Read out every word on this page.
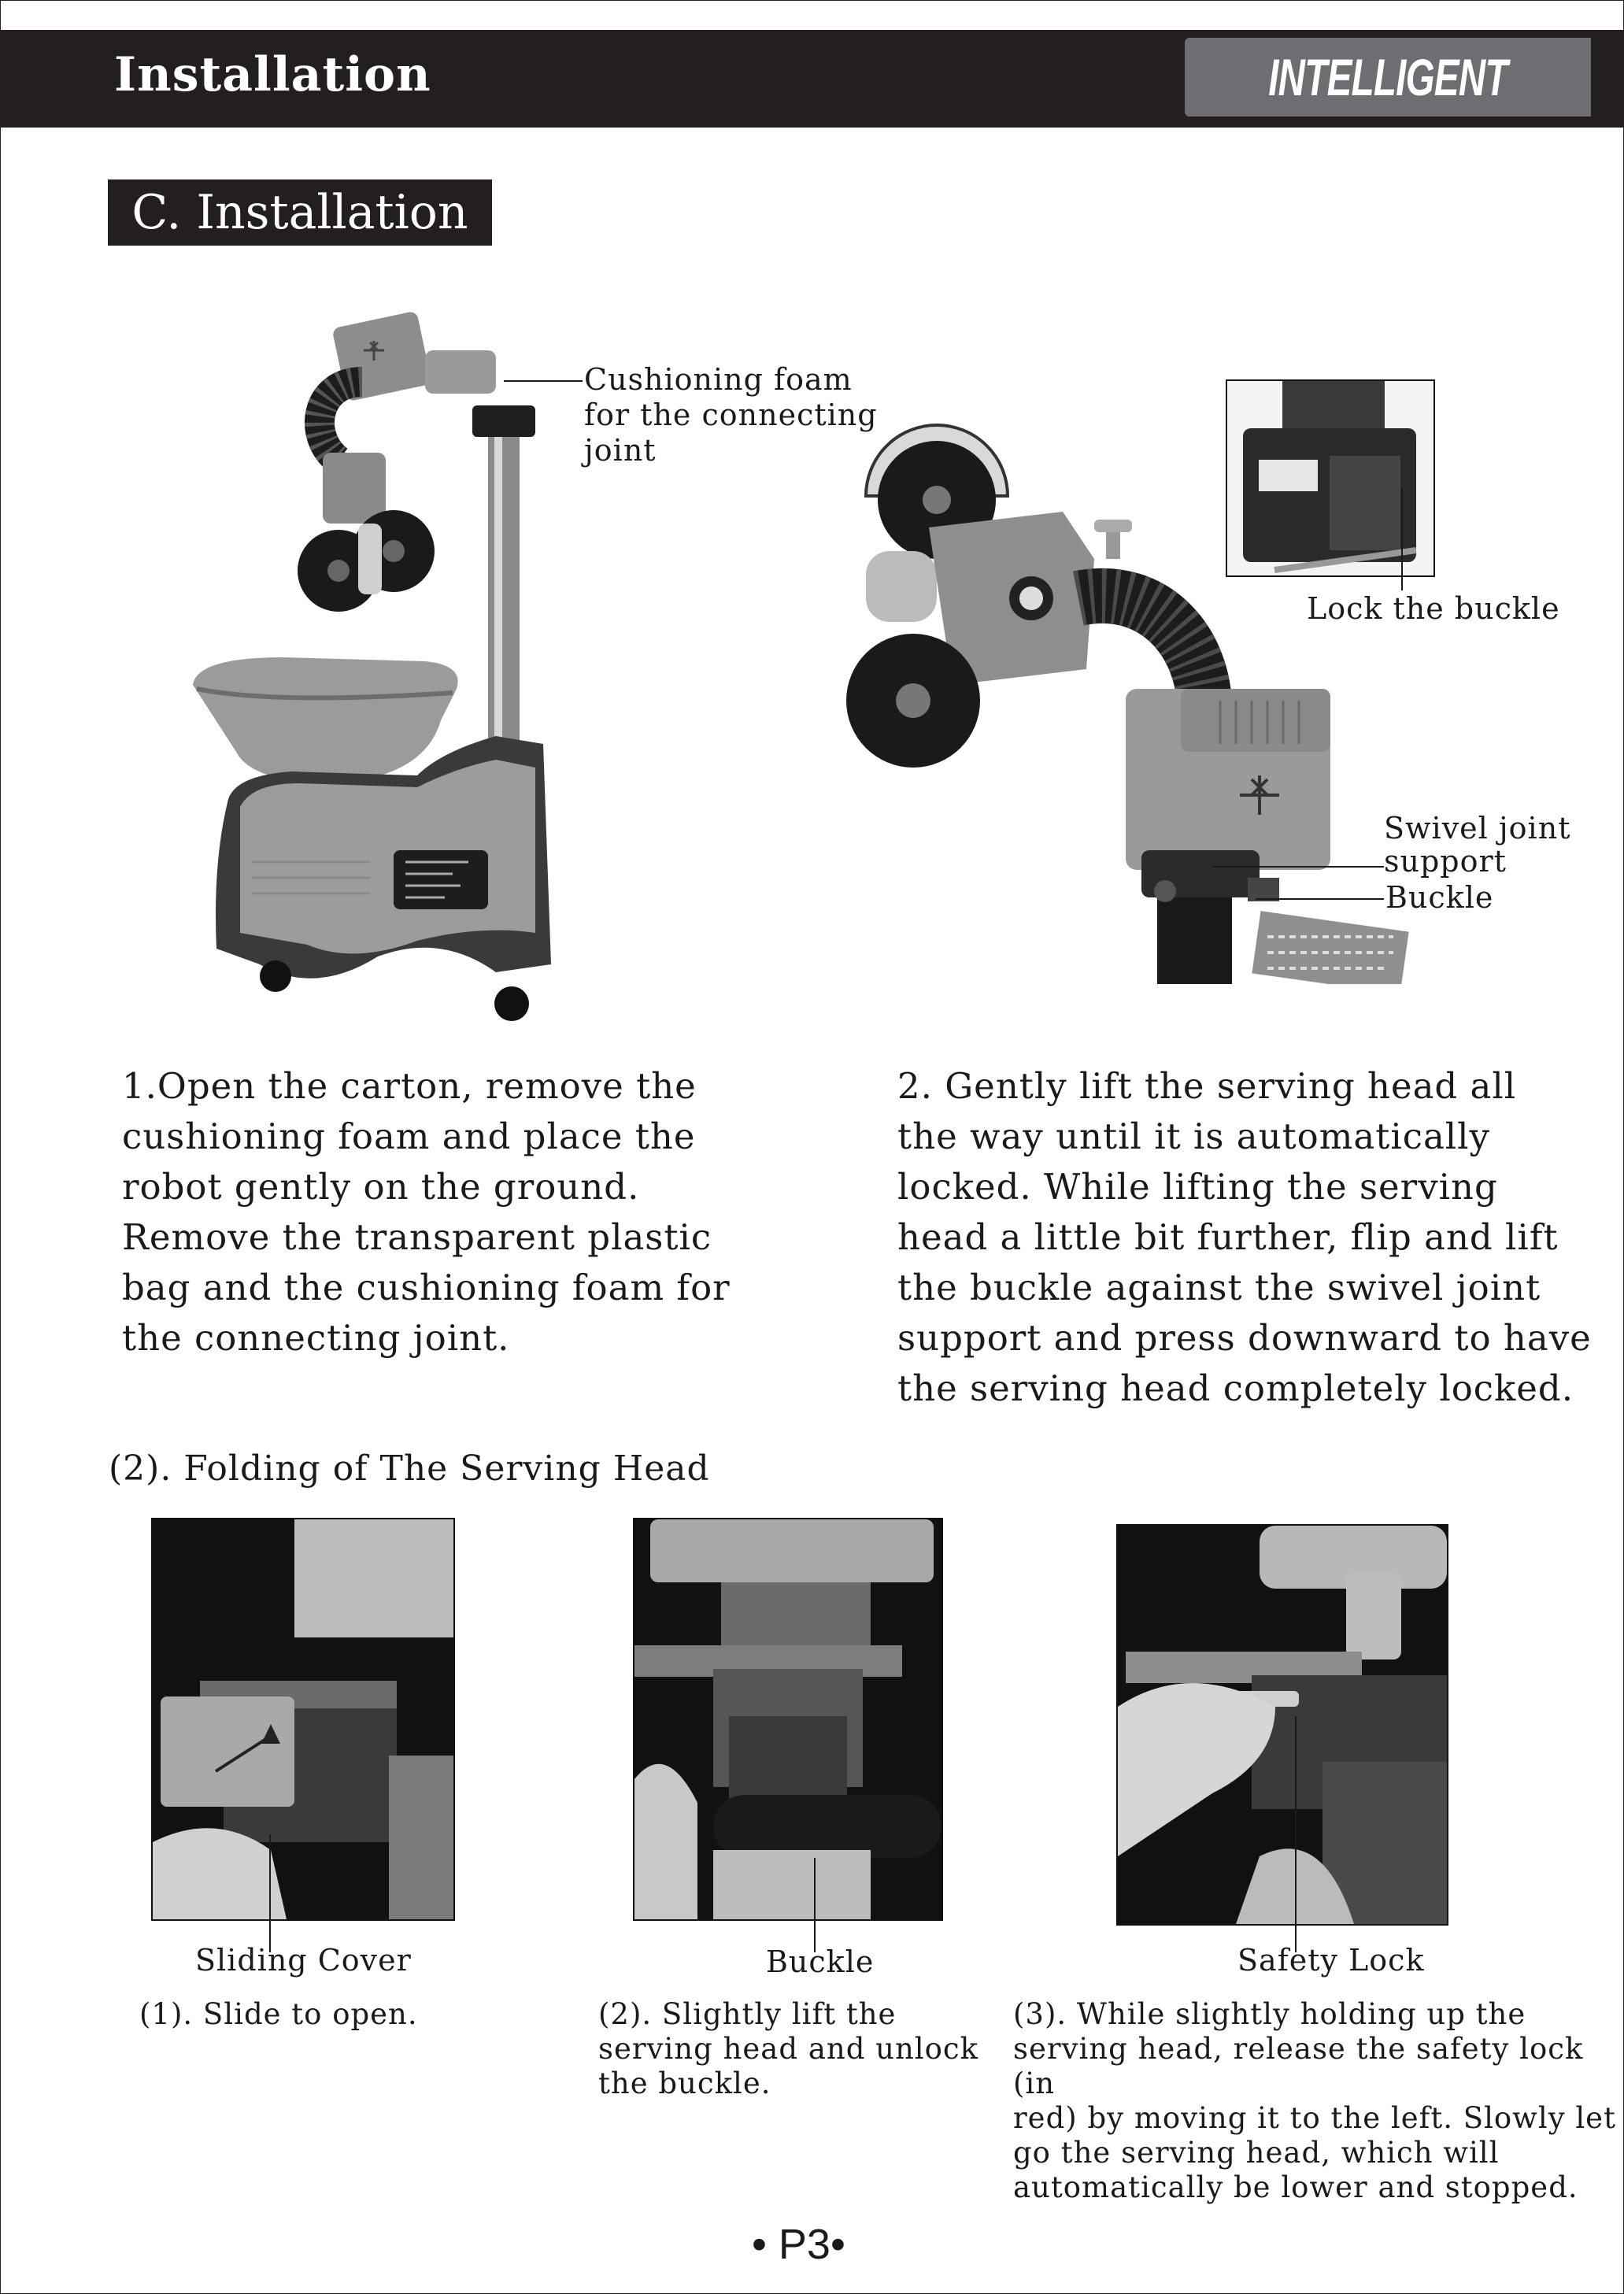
Installation	INTELLIGENT SERVING ROBOT
C. Installation
Cushioning foam
for the connecting
joint
Lock the buckle
Swivel joint
support
Buckle
1.Open the carton, remove the
cushioning foam and place the
robot gently on the ground.
Remove the transparent plastic
bag and the cushioning foam for
the connecting joint.
2. Gently lift the serving head all
the way until it is automatically
locked. While lifting the serving
head a little bit further, flip and lift
the buckle against the swivel joint
support and press downward to have
the serving head completely locked.
(2). Folding of The Serving Head
Sliding Cover	Buckle	Safety Lock
(1). Slide to open.	(2). Slightly lift the
serving head and unlock
the buckle.
(3). While slightly holding up the
serving head, release the safety lock (in
red) by moving it to the left. Slowly let
go the serving head, which will
automatically be lower and stopped.
• P3•
